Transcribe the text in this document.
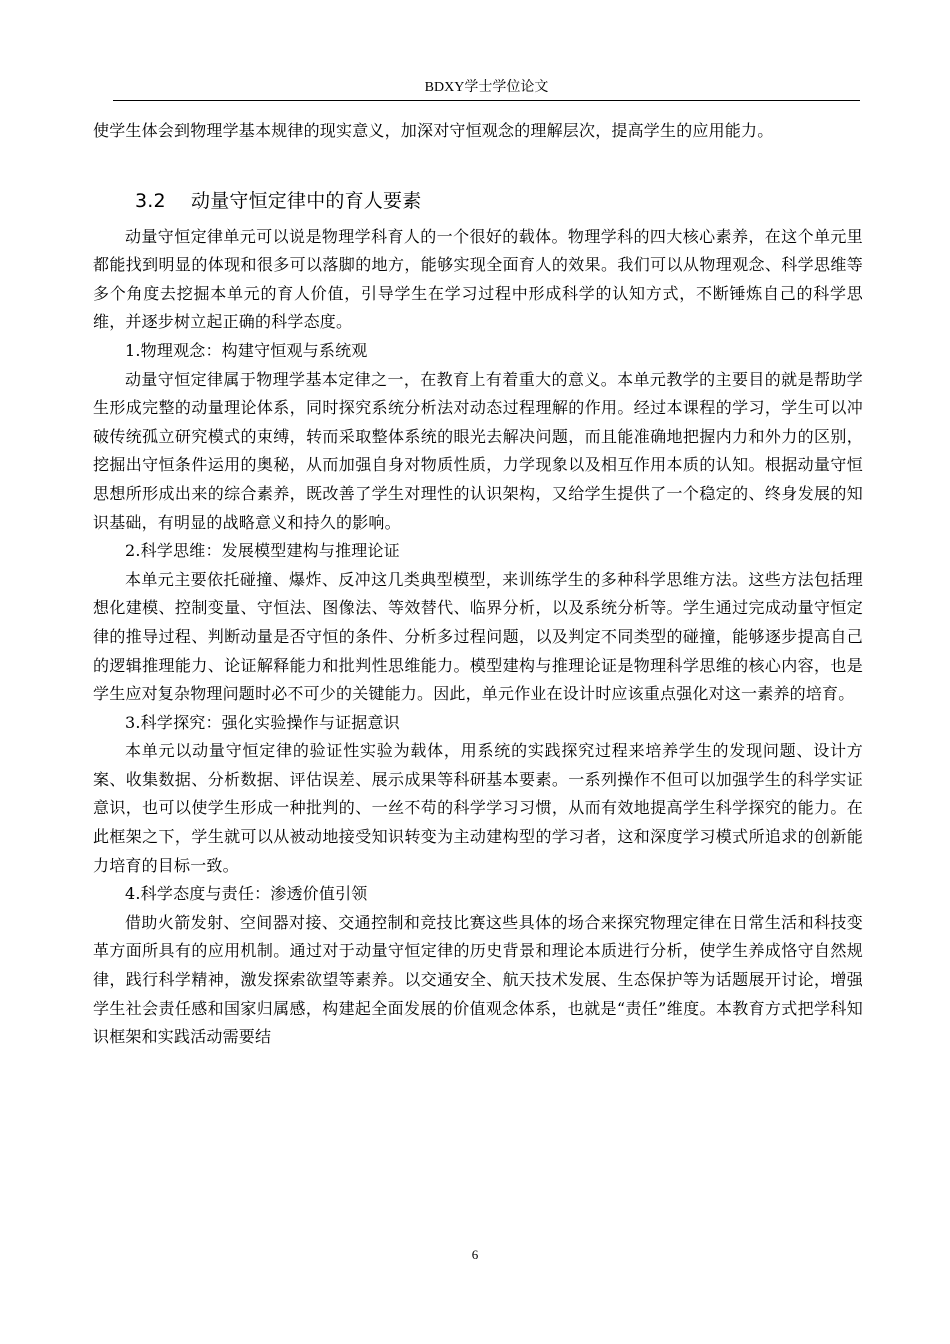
BDXY学士学位论文

使学生体会到物理学基本规律的现实意义，加深对守恒观念的理解层次，提高学生的应用能力。

3.2 动量守恒定律中的育人要素

动量守恒定律单元可以说是物理学科育人的一个很好的载体。物理学科的四大核心素养，在这个单元里都能找到明显的体现和很多可以落脚的地方，能够实现全面育人的效果。我们可以从物理观念、科学思维等多个角度去挖掘本单元的育人价值，引导学生在学习过程中形成科学的认知方式，不断锤炼自己的科学思维，并逐步树立起正确的科学态度。

1.物理观念：构建守恒观与系统观

动量守恒定律属于物理学基本定律之一，在教育上有着重大的意义。本单元教学的主要目的就是帮助学生形成完整的动量理论体系，同时探究系统分析法对动态过程理解的作用。经过本课程的学习，学生可以冲破传统孤立研究模式的束缚，转而采取整体系统的眼光去解决问题，而且能准确地把握内力和外力的区别，挖掘出守恒条件运用的奥秘，从而加强自身对物质性质，力学现象以及相互作用本质的认知。根据动量守恒思想所形成出来的综合素养，既改善了学生对理性的认识架构，又给学生提供了一个稳定的、终身发展的知识基础，有明显的战略意义和持久的影响。

2.科学思维：发展模型建构与推理论证

本单元主要依托碰撞、爆炸、反冲这几类典型模型，来训练学生的多种科学思维方法。这些方法包括理想化建模、控制变量、守恒法、图像法、等效替代、临界分析，以及系统分析等。学生通过完成动量守恒定律的推导过程、判断动量是否守恒的条件、分析多过程问题，以及判定不同类型的碰撞，能够逐步提高自己的逻辑推理能力、论证解释能力和批判性思维能力。模型建构与推理论证是物理科学思维的核心内容，也是学生应对复杂物理问题时必不可少的关键能力。因此，单元作业在设计时应该重点强化对这一素养的培育。

3.科学探究：强化实验操作与证据意识

本单元以动量守恒定律的验证性实验为载体，用系统的实践探究过程来培养学生的发现问题、设计方案、收集数据、分析数据、评估误差、展示成果等科研基本要素。一系列操作不但可以加强学生的科学实证意识，也可以使学生形成一种批判的、一丝不苟的科学学习习惯，从而有效地提高学生科学探究的能力。在此框架之下，学生就可以从被动地接受知识转变为主动建构型的学习者，这和深度学习模式所追求的创新能力培育的目标一致。

4.科学态度与责任：渗透价值引领

借助火箭发射、空间器对接、交通控制和竞技比赛这些具体的场合来探究物理定律在日常生活和科技变革方面所具有的应用机制。通过对于动量守恒定律的历史背景和理论本质进行分析，使学生养成恪守自然规律，践行科学精神，激发探索欲望等素养。以交通安全、航天技术发展、生态保护等为话题展开讨论，增强学生社会责任感和国家归属感，构建起全面发展的价值观念体系，也就是“责任”维度。本教育方式把学科知识框架和实践活动需要结

6
